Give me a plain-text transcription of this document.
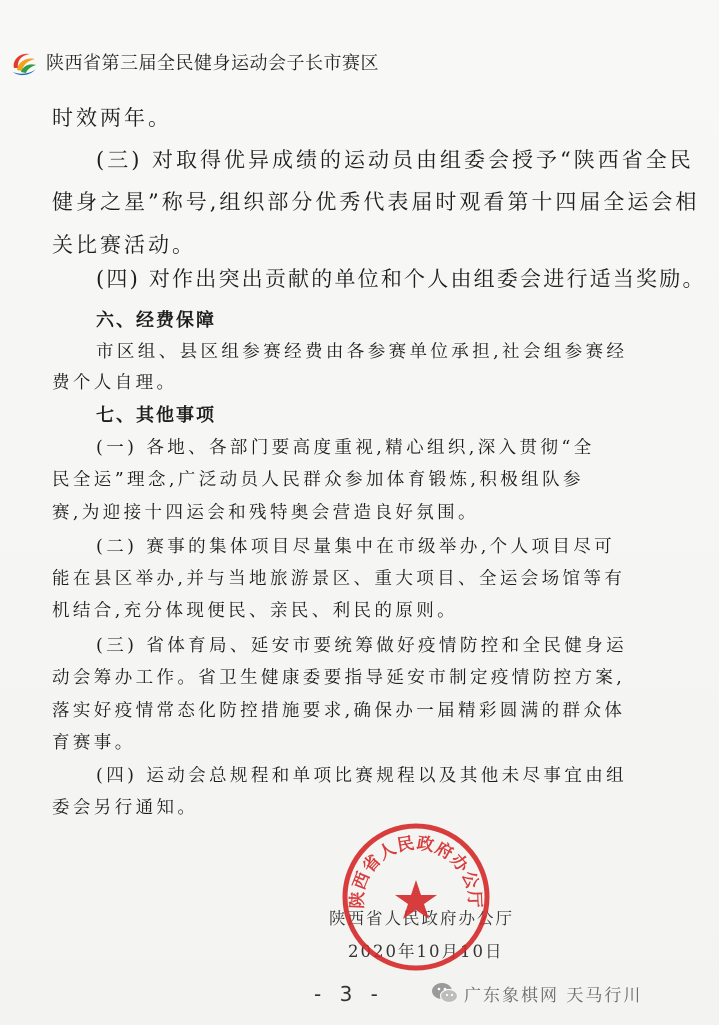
陕西省第三届全民健身运动会子长市赛区
时效两年。
(三) 对取得优异成绩的运动员由组委会授予“陕西省全民
健身之星”称号,组织部分优秀代表届时观看第十四届全运会相
关比赛活动。
(四) 对作出突出贡献的单位和个人由组委会进行适当奖励。
六、经费保障
市区组、县区组参赛经费由各参赛单位承担,社会组参赛经
费个人自理。
七、其他事项
(一) 各地、各部门要高度重视,精心组织,深入贯彻“全
民全运”理念,广泛动员人民群众参加体育锻炼,积极组队参
赛,为迎接十四运会和残特奥会营造良好氛围。
(二) 赛事的集体项目尽量集中在市级举办,个人项目尽可
能在县区举办,并与当地旅游景区、重大项目、全运会场馆等有
机结合,充分体现便民、亲民、利民的原则。
(三) 省体育局、延安市要统筹做好疫情防控和全民健身运
动会筹办工作。省卫生健康委要指导延安市制定疫情防控方案,
落实好疫情常态化防控措施要求,确保办一届精彩圆满的群众体
育赛事。
(四) 运动会总规程和单项比赛规程以及其他未尽事宜由组
委会另行通知。
陕西省人民政府办公厅
2020年10月10日
陕西省人民政府办公厅
- 3 -	广东象棋网 天马行川
